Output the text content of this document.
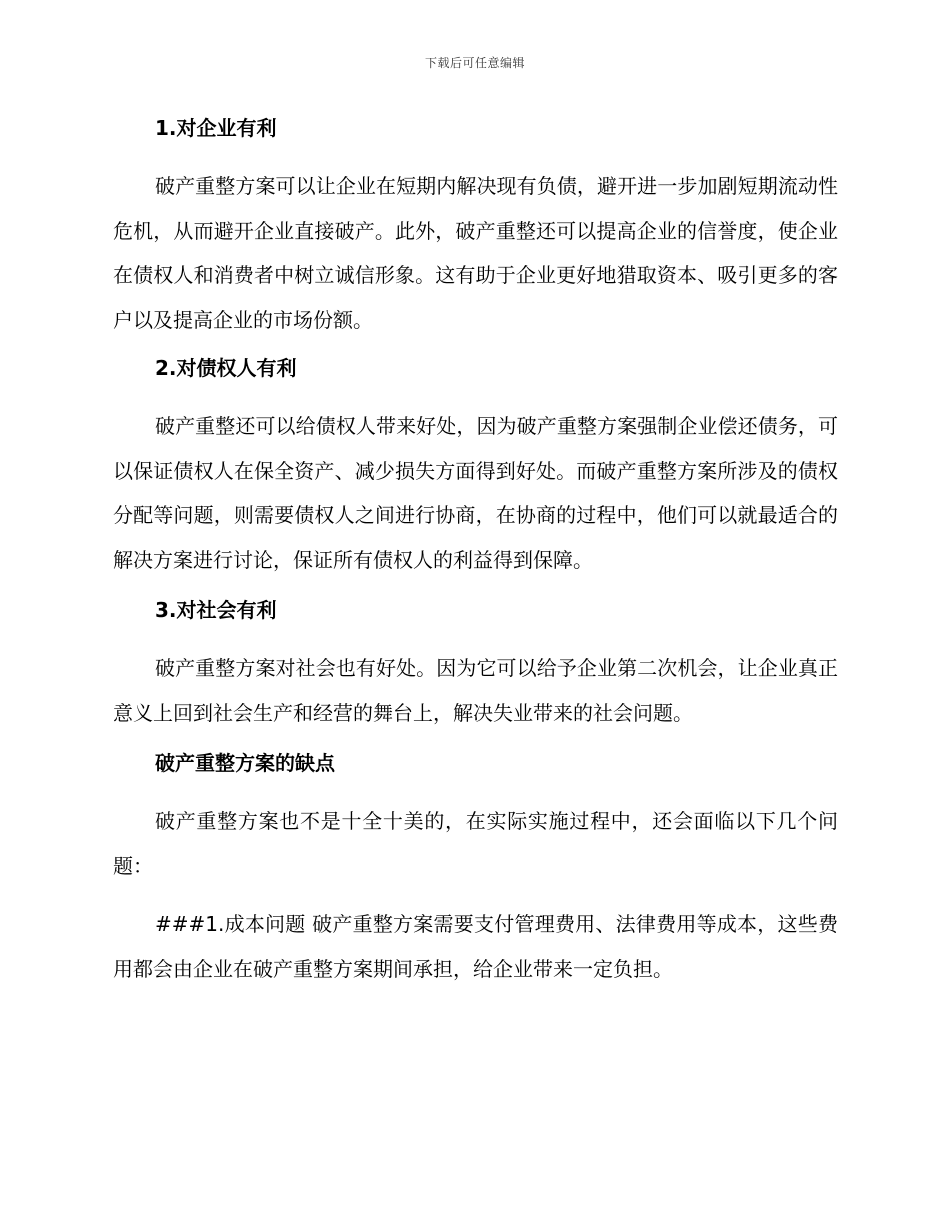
下载后可任意编辑

1.对企业有利

破产重整方案可以让企业在短期内解决现有负债，避开进一步加剧短期流动性危机，从而避开企业直接破产。此外，破产重整还可以提高企业的信誉度，使企业在债权人和消费者中树立诚信形象。这有助于企业更好地猎取资本、吸引更多的客户以及提高企业的市场份额。

2.对债权人有利

破产重整还可以给债权人带来好处，因为破产重整方案强制企业偿还债务，可以保证债权人在保全资产、减少损失方面得到好处。而破产重整方案所涉及的债权分配等问题，则需要债权人之间进行协商，在协商的过程中，他们可以就最适合的解决方案进行讨论，保证所有债权人的利益得到保障。

3.对社会有利

破产重整方案对社会也有好处。因为它可以给予企业第二次机会，让企业真正意义上回到社会生产和经营的舞台上，解决失业带来的社会问题。

破产重整方案的缺点

破产重整方案也不是十全十美的，在实际实施过程中，还会面临以下几个问题：

###1.成本问题 破产重整方案需要支付管理费用、法律费用等成本，这些费用都会由企业在破产重整方案期间承担，给企业带来一定负担。
